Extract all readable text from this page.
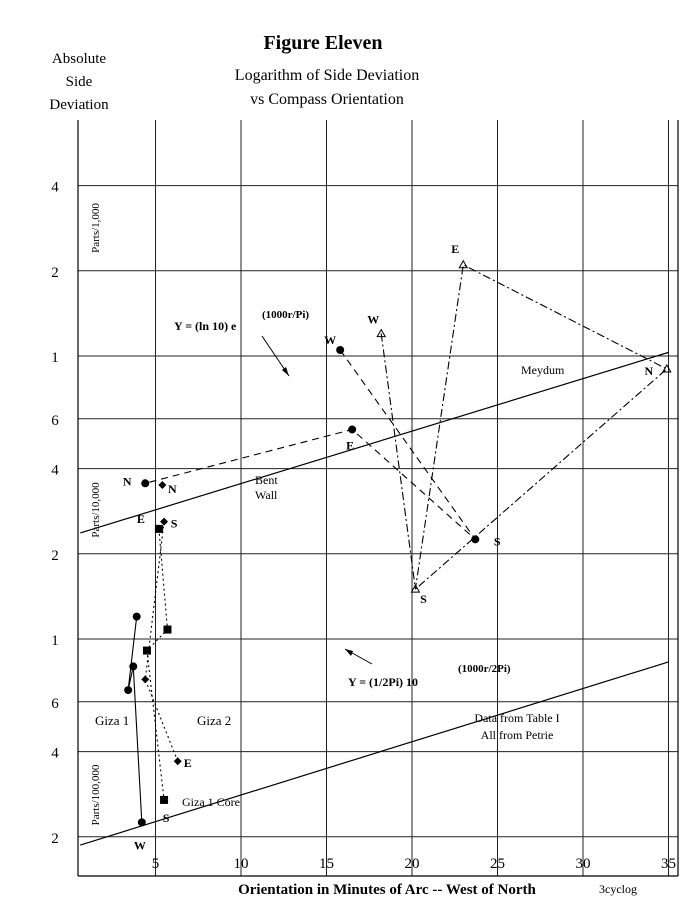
Figure Eleven
Logarithm of Side Deviation
vs Compass Orientation
Absolute
Side
Deviation
Orientation in Minutes of Arc -- West of North	3cyclog
Parts/1,000
Parts/10,000
Parts/100,000
5	10	15	20	25	30	35
4
2
1
6
4
2
1
6
4
2
W
E
N
S
W
E
N
S
N
W
S
E
E
S
Y = (ln 10) e
(1000r/Pi)
Y = (1/2Pi) 10
(1000r/2Pi)
Meydum
Bent
Wall
Giza 1	Giza 2
Giza 1 Core
Data from Table I
All from Petrie
